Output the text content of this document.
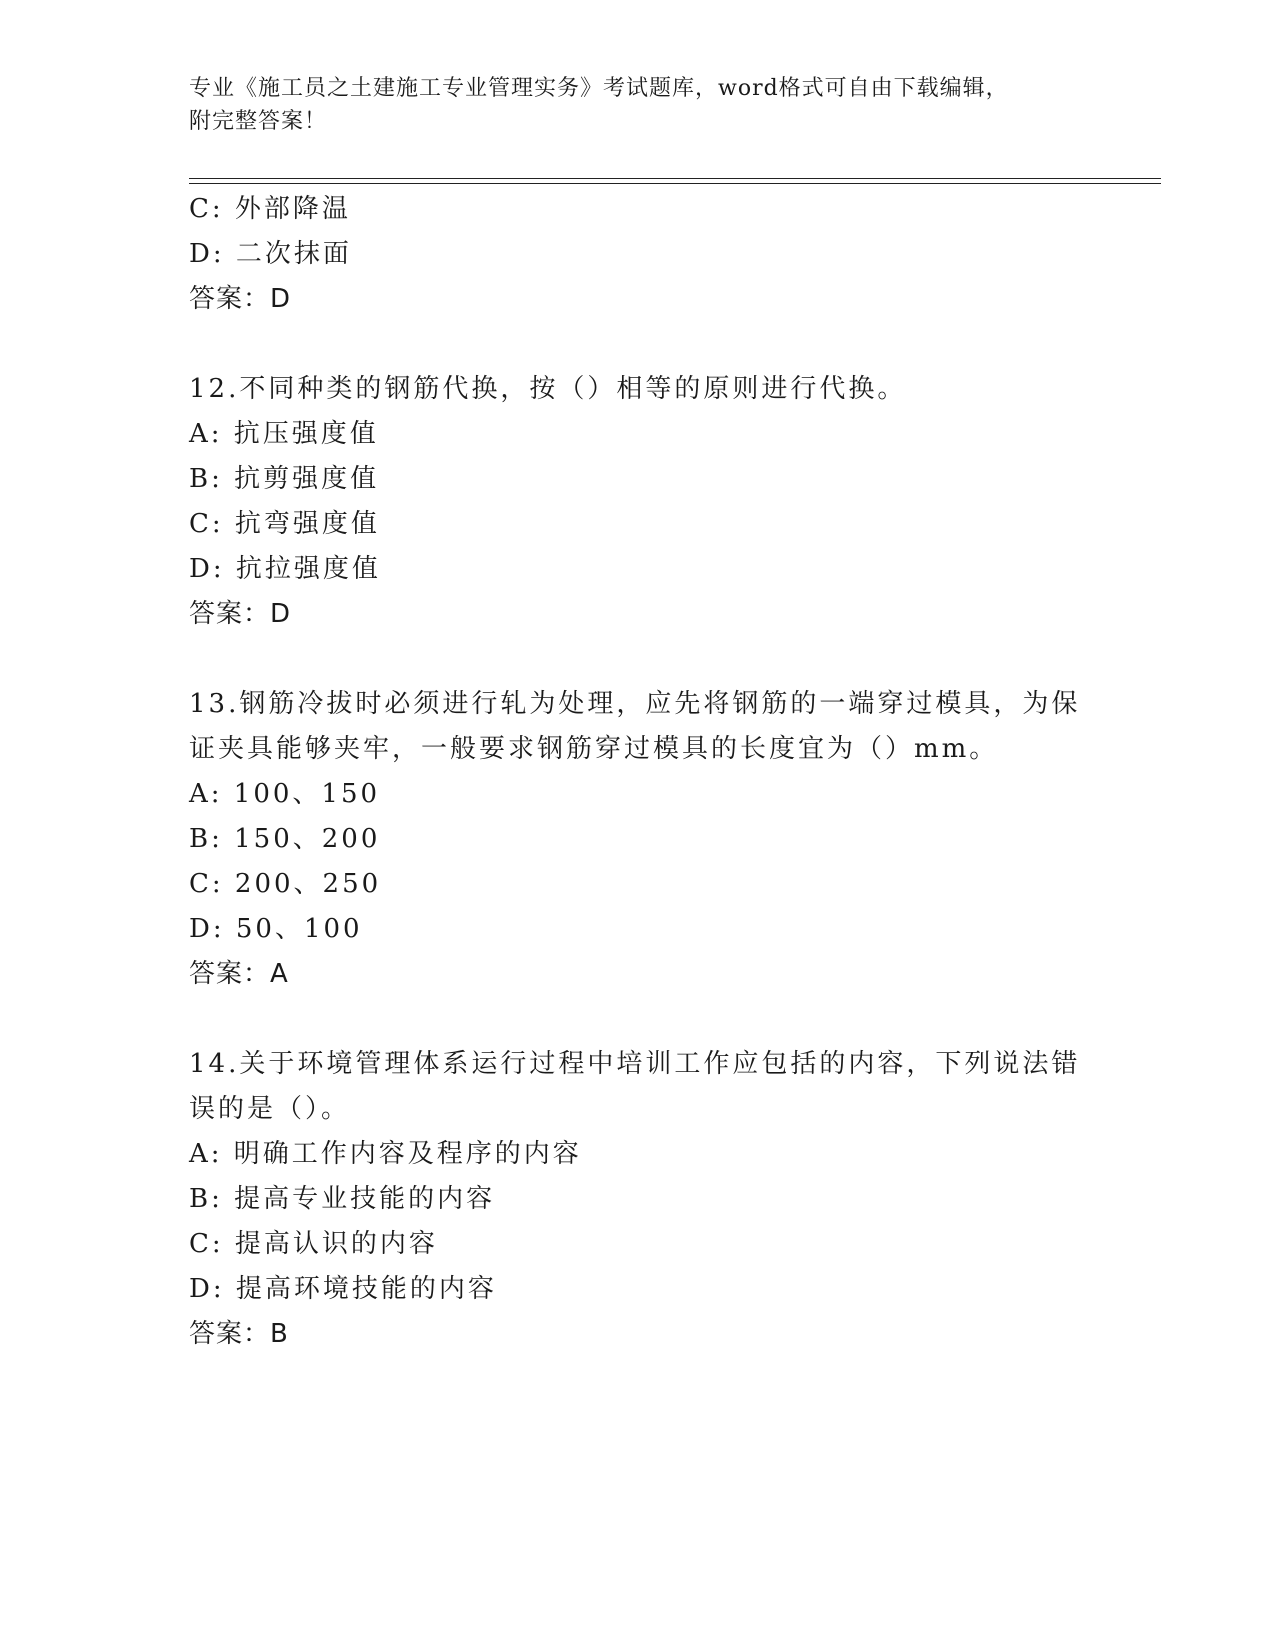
专业《施工员之土建施工专业管理实务》考试题库，word格式可自由下载编辑，
附完整答案！
C: 外部降温
D: 二次抹面
答案：D
12.不同种类的钢筋代换，按（）相等的原则进行代换。
A: 抗压强度值
B: 抗剪强度值
C: 抗弯强度值
D: 抗拉强度值
答案：D
13.钢筋冷拔时必须进行轧为处理，应先将钢筋的一端穿过模具，为保
证夹具能够夹牢，一般要求钢筋穿过模具的长度宜为（）mm。
A: 100、150
B: 150、200
C: 200、250
D: 50、100
答案：A
14.关于环境管理体系运行过程中培训工作应包括的内容，下列说法错
误的是（）。
A: 明确工作内容及程序的内容
B: 提高专业技能的内容
C: 提高认识的内容
D: 提高环境技能的内容
答案：B
